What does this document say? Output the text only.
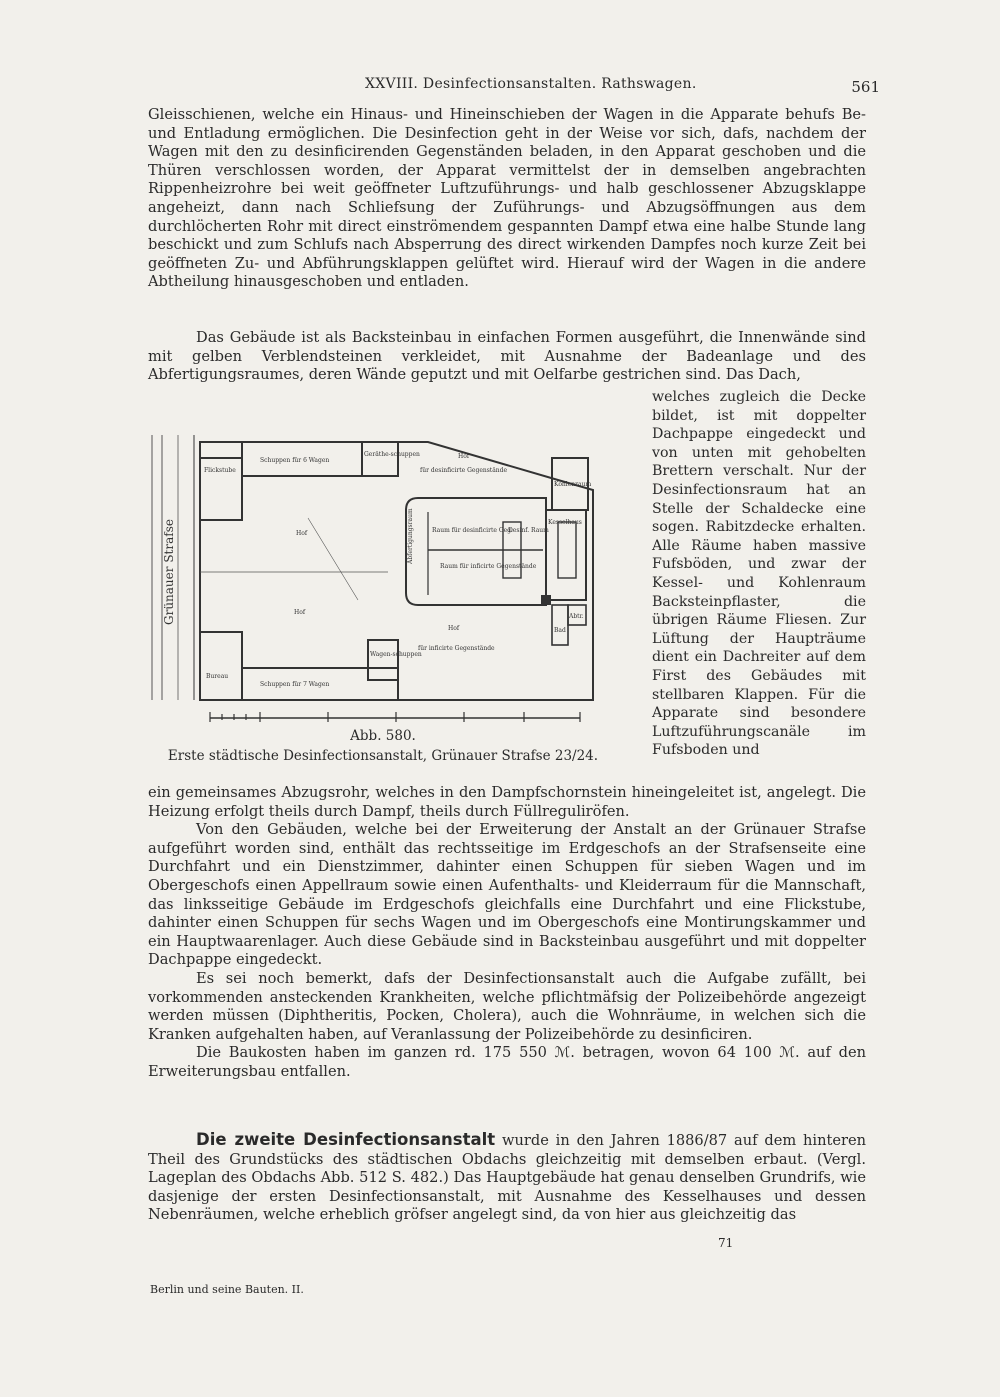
XXVIII. Desinfectionsanstalten. Rathswagen.	561

Gleisschienen, welche ein Hinaus- und Hineinschieben der Wagen in die Apparate behufs Be- und Entladung ermöglichen. Die Desinfection geht in der Weise vor sich, dafs, nachdem der Wagen mit den zu desinficirenden Gegenständen beladen, in den Apparat geschoben und die Thüren verschlossen worden, der Apparat vermittelst der in demselben angebrachten Rippenheizrohre bei weit geöffneter Luftzuführungs- und halb geschlossener Abzugsklappe angeheizt, dann nach Schliefsung der Zuführungs- und Abzugsöffnungen aus dem durchlöcherten Rohr mit direct einströmendem gespannten Dampf etwa eine halbe Stunde lang beschickt und zum Schlufs nach Absperrung des direct wirkenden Dampfes noch kurze Zeit bei geöffneten Zu- und Abführungsklappen gelüftet wird. Hierauf wird der Wagen in die andere Abtheilung hinausgeschoben und entladen.

Das Gebäude ist als Backsteinbau in einfachen Formen ausgeführt, die Innenwände sind mit gelben Verblendsteinen verkleidet, mit Ausnahme der Badeanlage und des Abfertigungsraumes, deren Wände geputzt und mit Oelfarbe gestrichen sind. Das Dach,

welches zugleich die Decke bildet, ist mit doppelter Dachpappe eingedeckt und von unten mit gehobelten Brettern verschalt. Nur der Desinfectionsraum hat an Stelle der Schaldecke eine sogen. Rabitzdecke erhalten. Alle Räume haben massive Fufsböden, und zwar der Kessel- und Kohlenraum Backsteinpflaster, die übrigen Räume Fliesen. Zur Lüftung der Haupträume dient ein Dachreiter auf dem First des Gebäudes mit stellbaren Klappen. Für die Apparate sind besondere Luftzuführungscanäle im Fufsboden und
Grünauer Strafse
Flickstube
Schuppen für 6 Wagen
Geräthe-schuppen
Bureau
Schuppen für 7 Wagen
Wagen-schuppen
Hof
für desinficirte Gegenstände
Hof
Hof
Hof
für inficirte Gegenstände
Raum für desinficirte Geg.
Raum für inficirte Gegenstände
Abfertigungsraum	Desinf. Raum
Kesselhaus
Kohlenraum
Bad
Abtr.
Abb. 580.
Erste städtische Desinfectionsanstalt, Grünauer Strafse 23/24.

ein gemeinsames Abzugsrohr, welches in den Dampfschornstein hineingeleitet ist, angelegt. Die Heizung erfolgt theils durch Dampf, theils durch Füllreguliröfen.

Von den Gebäuden, welche bei der Erweiterung der Anstalt an der Grünauer Strafse aufgeführt worden sind, enthält das rechtsseitige im Erdgeschofs an der Strafsenseite eine Durchfahrt und ein Dienstzimmer, dahinter einen Schuppen für sieben Wagen und im Obergeschofs einen Appellraum sowie einen Aufenthalts- und Kleiderraum für die Mannschaft, das linksseitige Gebäude im Erdgeschofs gleichfalls eine Durchfahrt und eine Flickstube, dahinter einen Schuppen für sechs Wagen und im Obergeschofs eine Montirungskammer und ein Hauptwaarenlager. Auch diese Gebäude sind in Backsteinbau ausgeführt und mit doppelter Dachpappe eingedeckt.

Es sei noch bemerkt, dafs der Desinfectionsanstalt auch die Aufgabe zufällt, bei vorkommenden ansteckenden Krankheiten, welche pflichtmäfsig der Polizeibehörde angezeigt werden müssen (Diphtheritis, Pocken, Cholera), auch die Wohnräume, in welchen sich die Kranken aufgehalten haben, auf Veranlassung der Polizeibehörde zu desinficiren.

Die Baukosten haben im ganzen rd. 175 550 ℳ. betragen, wovon 64 100 ℳ. auf den Erweiterungsbau entfallen.

Die zweite Desinfectionsanstalt wurde in den Jahren 1886/87 auf dem hinteren Theil des Grundstücks des städtischen Obdachs gleichzeitig mit demselben erbaut. (Vergl. Lageplan des Obdachs Abb. 512 S. 482.) Das Hauptgebäude hat genau denselben Grundrifs, wie dasjenige der ersten Desinfectionsanstalt, mit Ausnahme des Kesselhauses und dessen Nebenräumen, welche erheblich gröfser angelegt sind, da von hier aus gleichzeitig das

71
Berlin und seine Bauten. II.
